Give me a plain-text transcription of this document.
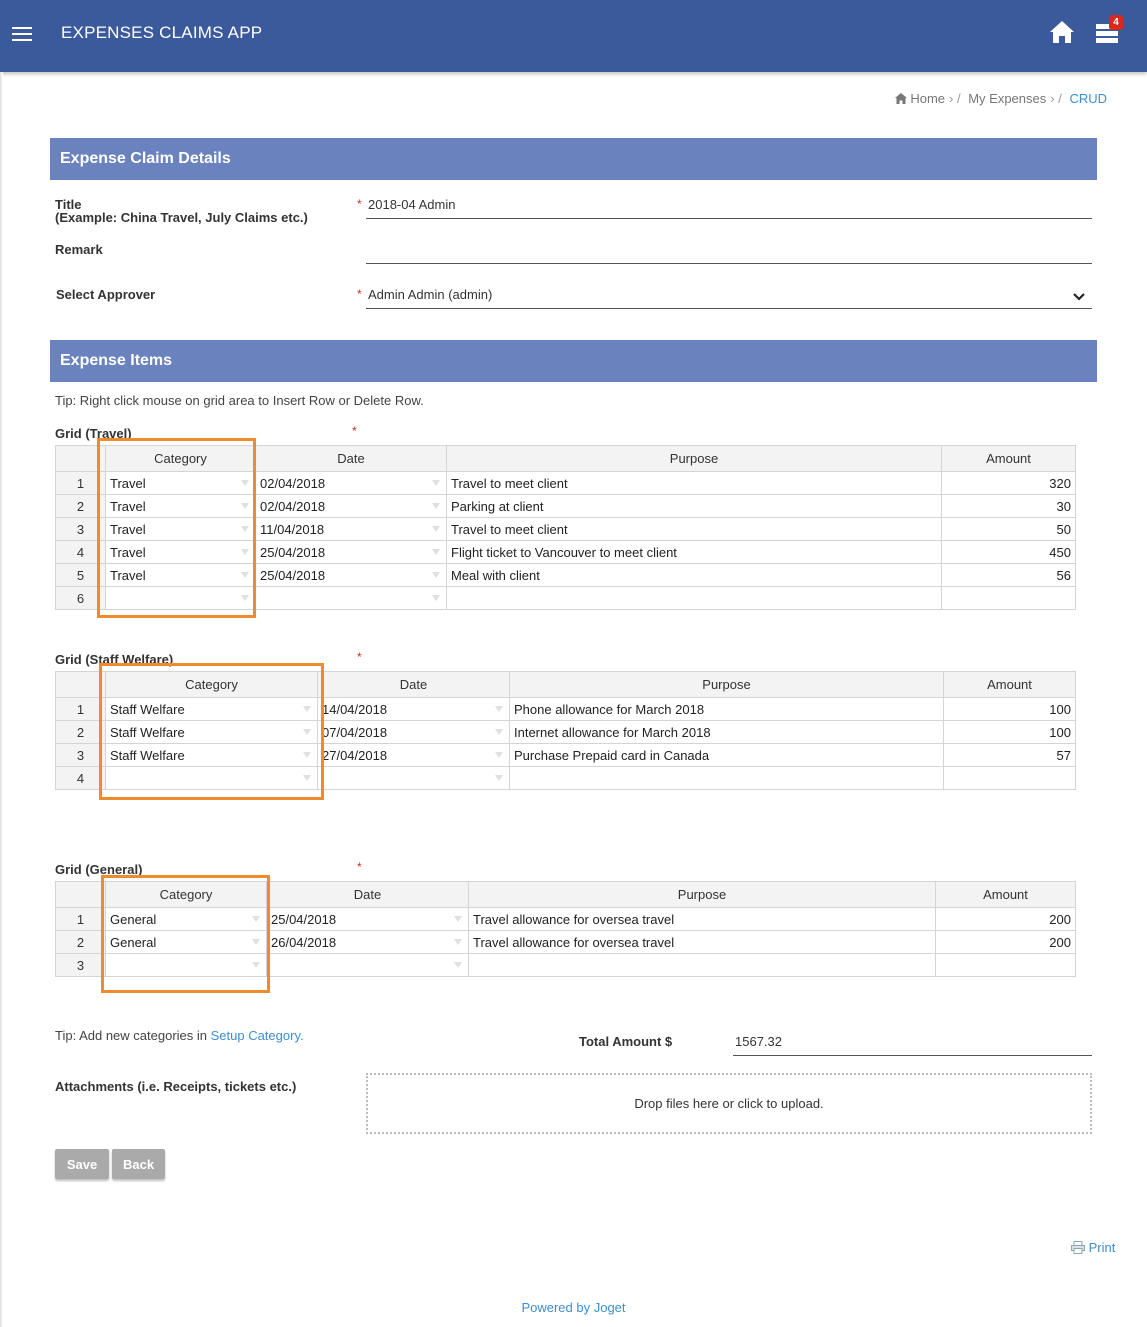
EXPENSES CLAIMS APP
4
Home › / My Expenses › / CRUD
Expense Claim Details
Title
(Example: China Travel, July Claims etc.)
* 2018-04 Admin
Remark
Select Approver	* Admin Admin (admin)
Expense Items
Tip: Right click mouse on grid area to Insert Row or Delete Row.
Grid (Travel)	*
	Category	Date	Purpose	Amount
1	Travel	02/04/2018	Travel to meet client	320
2	Travel	02/04/2018	Parking at client	30
3	Travel	11/04/2018	Travel to meet client	50
4	Travel	25/04/2018	Flight ticket to Vancouver to meet client	450
5	Travel	25/04/2018	Meal with client	56
6	

Grid (Staff Welfare)	*
	Category	Date	Purpose	Amount
1	Staff Welfare	14/04/2018	Phone allowance for March 2018	100
2	Staff Welfare	07/04/2018	Internet allowance for March 2018	100
3	Staff Welfare	27/04/2018	Purchase Prepaid card in Canada	57
4	

Grid (General)	*
	Category	Date	Purpose	Amount
1	General	25/04/2018	Travel allowance for oversea travel	200
2	General	26/04/2018	Travel allowance for oversea travel	200
3	

Tip: Add new categories in Setup Category.	Total Amount $	1567.32
Attachments (i.e. Receipts, tickets etc.)
Drop files here or click to upload.
Save	Back
Print
Powered by Joget
